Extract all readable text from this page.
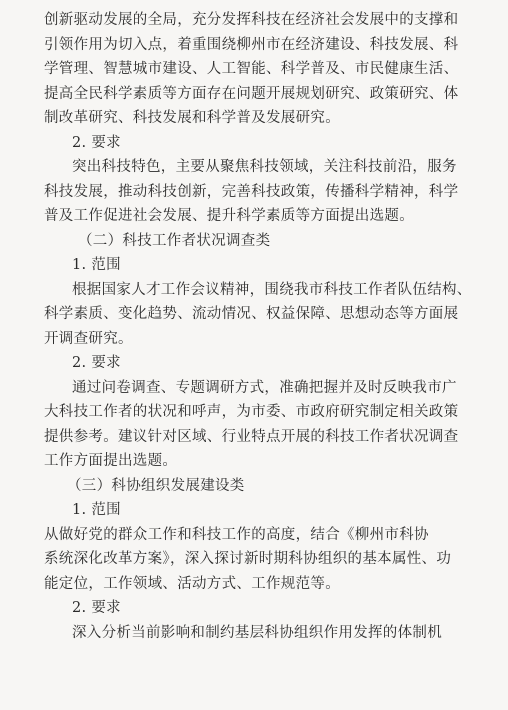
创新驱动发展的全局，充分发挥科技在经济社会发展中的支撑和
引领作用为切入点，着重围绕柳州市在经济建设、科技发展、科
学管理、智慧城市建设、人工智能、科学普及、市民健康生活、
提高全民科学素质等方面存在问题开展规划研究、政策研究、体
制改革研究、科技发展和科学普及发展研究。
2. 要求
突出科技特色，主要从聚焦科技领域，关注科技前沿，服务
科技发展，推动科技创新，完善科技政策，传播科学精神，科学
普及工作促进社会发展、提升科学素质等方面提出选题。
（二）科技工作者状况调查类
1. 范围
根据国家人才工作会议精神，围绕我市科技工作者队伍结构、
科学素质、变化趋势、流动情况、权益保障、思想动态等方面展
开调查研究。
2. 要求
通过问卷调查、专题调研方式，准确把握并及时反映我市广
大科技工作者的状况和呼声，为市委、市政府研究制定相关政策
提供参考。建议针对区域、行业特点开展的科技工作者状况调查
工作方面提出选题。
（三）科协组织发展建设类
1. 范围
从做好党的群众工作和科技工作的高度，结合《柳州市科协
系统深化改革方案》，深入探讨新时期科协组织的基本属性、功
能定位，工作领域、活动方式、工作规范等。
2. 要求
深入分析当前影响和制约基层科协组织作用发挥的体制机
